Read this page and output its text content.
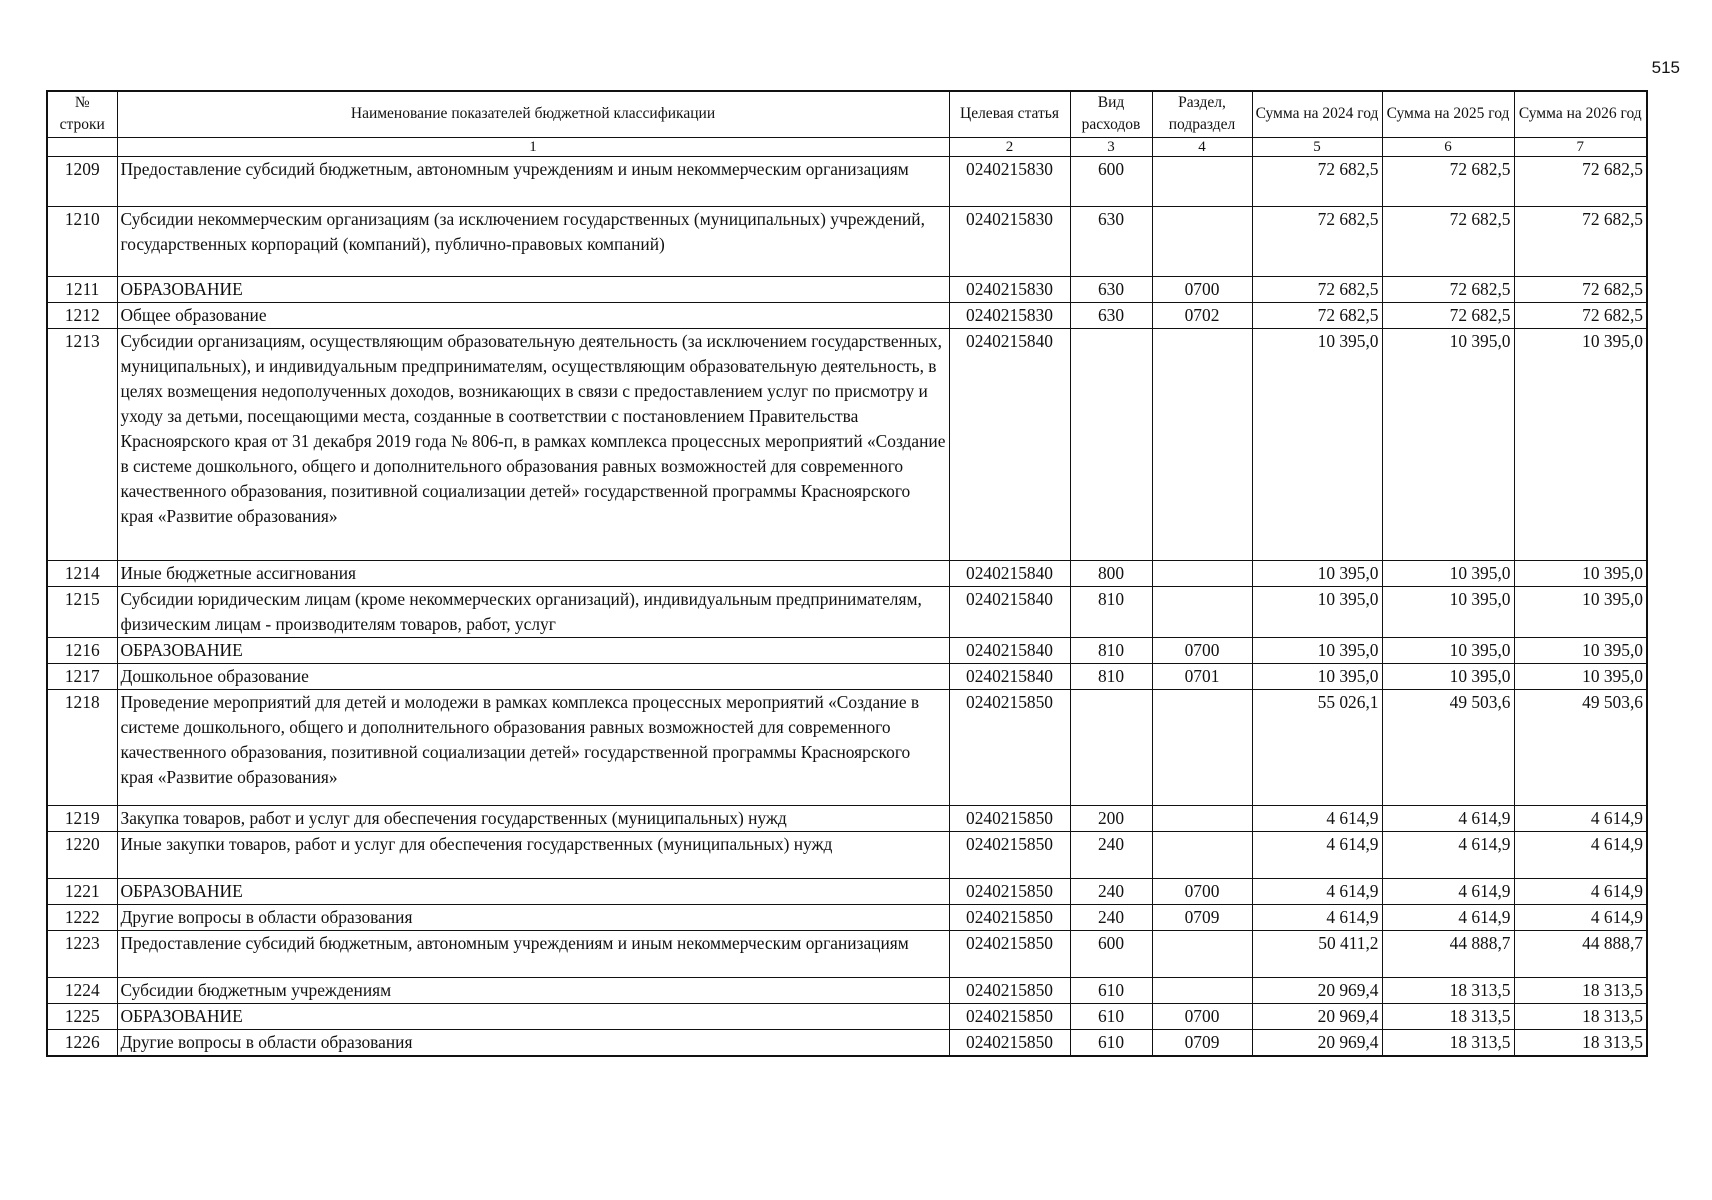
515
№ строки	Наименование показателей бюджетной классификации	Целевая статья	Вид расходов	Раздел, подраздел	Сумма на 2024 год	Сумма на 2025 год	Сумма на 2026 год
	1	2	3	4	5	6	7
1209	Предоставление субсидий бюджетным, автономным учреждениям и иным некоммерческим организациям	0240215830	600		72 682,5	72 682,5	72 682,5
1210	Субсидии некоммерческим организациям (за исключением государственных (муниципальных) учреждений, государственных корпораций (компаний), публично-правовых компаний)	0240215830	630		72 682,5	72 682,5	72 682,5
1211	ОБРАЗОВАНИЕ	0240215830	630	0700	72 682,5	72 682,5	72 682,5
1212	Общее образование	0240215830	630	0702	72 682,5	72 682,5	72 682,5
1213	Субсидии организациям, осуществляющим образовательную деятельность (за исключением государственных, муниципальных), и индивидуальным предпринимателям, осуществляющим образовательную деятельность, в целях возмещения недополученных доходов, возникающих в связи с предоставлением услуг по присмотру и уходу за детьми, посещающими места, созданные в соответствии с постановлением Правительства Красноярского края от 31 декабря 2019 года № 806-п, в рамках комплекса процессных мероприятий «Создание в системе дошкольного, общего и дополнительного образования равных возможностей для современного качественного образования, позитивной социализации детей» государственной программы Красноярского края «Развитие образования»	0240215840			10 395,0	10 395,0	10 395,0
1214	Иные бюджетные ассигнования	0240215840	800		10 395,0	10 395,0	10 395,0
1215	Субсидии юридическим лицам (кроме некоммерческих организаций), индивидуальным предпринимателям, физическим лицам - производителям товаров, работ, услуг	0240215840	810		10 395,0	10 395,0	10 395,0
1216	ОБРАЗОВАНИЕ	0240215840	810	0700	10 395,0	10 395,0	10 395,0
1217	Дошкольное образование	0240215840	810	0701	10 395,0	10 395,0	10 395,0
1218	Проведение мероприятий для детей и молодежи в рамках комплекса процессных мероприятий «Создание в системе дошкольного, общего и дополнительного образования равных возможностей для современного качественного образования, позитивной социализации детей» государственной программы Красноярского края «Развитие образования»	0240215850			55 026,1	49 503,6	49 503,6
1219	Закупка товаров, работ и услуг для обеспечения государственных (муниципальных) нужд	0240215850	200		4 614,9	4 614,9	4 614,9
1220	Иные закупки товаров, работ и услуг для обеспечения государственных (муниципальных) нужд	0240215850	240		4 614,9	4 614,9	4 614,9
1221	ОБРАЗОВАНИЕ	0240215850	240	0700	4 614,9	4 614,9	4 614,9
1222	Другие вопросы в области образования	0240215850	240	0709	4 614,9	4 614,9	4 614,9
1223	Предоставление субсидий бюджетным, автономным учреждениям и иным некоммерческим организациям	0240215850	600		50 411,2	44 888,7	44 888,7
1224	Субсидии бюджетным учреждениям	0240215850	610		20 969,4	18 313,5	18 313,5
1225	ОБРАЗОВАНИЕ	0240215850	610	0700	20 969,4	18 313,5	18 313,5
1226	Другие вопросы в области образования	0240215850	610	0709	20 969,4	18 313,5	18 313,5
